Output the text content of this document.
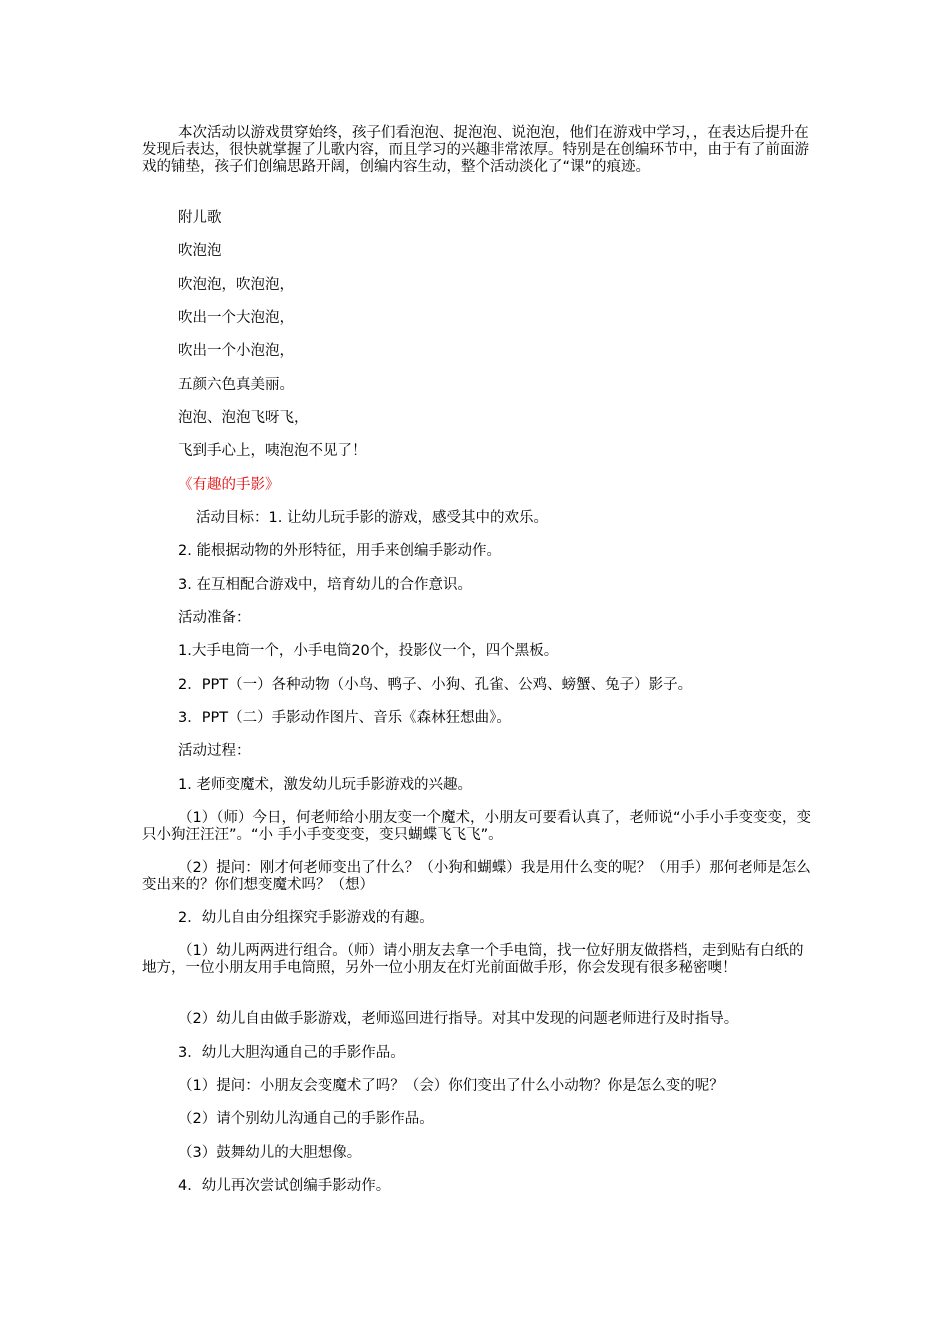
本次活动以游戏贯穿始终，孩子们看泡泡、捉泡泡、说泡泡，他们在游戏中学习，，在表达后提升在发现后表达，很快就掌握了儿歌内容，而且学习的兴趣非常浓厚。特别是在创编环节中，由于有了前面游戏的铺垫，孩子们创编思路开阔，创编内容生动，整个活动淡化了“课”的痕迹。

附儿歌

吹泡泡

吹泡泡，吹泡泡，

吹出一个大泡泡，

吹出一个小泡泡，

五颜六色真美丽。

泡泡、泡泡飞呀飞，

飞到手心上，咦泡泡不见了！

《有趣的手影》

活动目标：1. 让幼儿玩手影的游戏，感受其中的欢乐。

2. 能根据动物的外形特征，用手来创编手影动作。

3. 在互相配合游戏中，培育幼儿的合作意识。

活动准备：

1.大手电筒一个，小手电筒20个，投影仪一个，四个黑板。

2．PPT（一）各种动物（小鸟、鸭子、小狗、孔雀、公鸡、螃蟹、兔子）影子。

3．PPT（二）手影动作图片、音乐《森林狂想曲》。

活动过程：

1. 老师变魔术，激发幼儿玩手影游戏的兴趣。

（1）（师）今日，何老师给小朋友变一个魔术，小朋友可要看认真了，老师说“小手小手变变变，变只小狗汪汪汪”。“小 手小手变变变，变只蝴蝶飞飞飞”。

（2）提问：刚才何老师变出了什么？（小狗和蝴蝶）我是用什么变的呢？（用手）那何老师是怎么变出来的？你们想变魔术吗？（想）

2．幼儿自由分组探究手影游戏的有趣。

（1）幼儿两两进行组合。（师）请小朋友去拿一个手电筒，找一位好朋友做搭档，走到贴有白纸的地方，一位小朋友用手电筒照，另外一位小朋友在灯光前面做手形，你会发现有很多秘密噢！

（2）幼儿自由做手影游戏，老师巡回进行指导。对其中发现的问题老师进行及时指导。

3．幼儿大胆沟通自己的手影作品。

（1）提问：小朋友会变魔术了吗？（会）你们变出了什么小动物？你是怎么变的呢？

（2）请个别幼儿沟通自己的手影作品。

（3）鼓舞幼儿的大胆想像。

4．幼儿再次尝试创编手影动作。
